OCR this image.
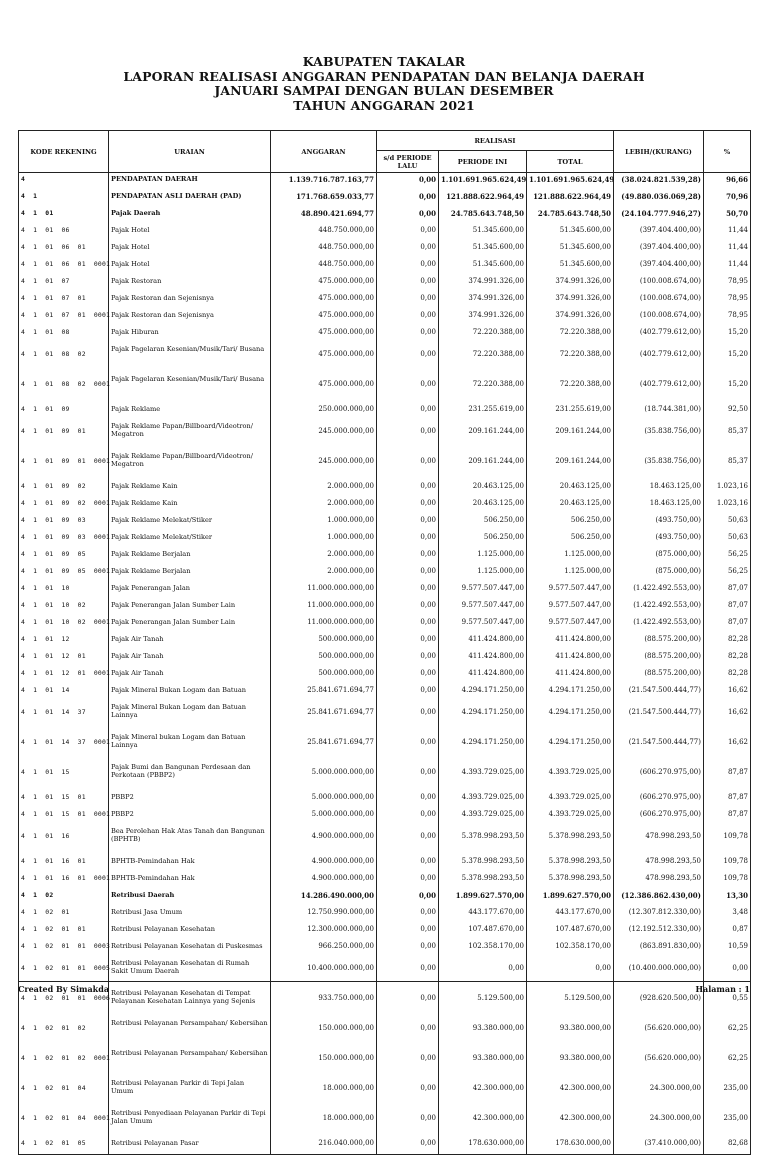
KABUPATEN TAKALAR
LAPORAN REALISASI ANGGARAN PENDAPATAN DAN BELANJA DAERAH
JANUARI SAMPAI DENGAN BULAN DESEMBER
TAHUN ANGGARAN 2021
KODE REKENING	URAIAN	ANGGARAN	REALISASI			LEBIH/(KURANG)	%
			s/d PERIODE LALU	PERIODE INI	TOTAL		
4	PENDAPATAN DAERAH	1.139.716.787.163,77	0,00	1.101.691.965.624,49	1.101.691.965.624,49	(38.024.821.539,28)	96,66
4  1	PENDAPATAN ASLI DAERAH (PAD)	171.768.659.033,77	0,00	121.888.622.964,49	121.888.622.964,49	(49.880.036.069,28)	70,96
4  1  01	Pajak Daerah	48.890.421.694,77	0,00	24.785.643.748,50	24.785.643.748,50	(24.104.777.946,27)	50,70
4  1  01  06	Pajak Hotel	448.750.000,00	0,00	51.345.600,00	51.345.600,00	(397.404.400,00)	11,44
4  1  01  06  01	Pajak Hotel	448.750.000,00	0,00	51.345.600,00	51.345.600,00	(397.404.400,00)	11,44
4  1  01  06  01  0001	Pajak Hotel	448.750.000,00	0,00	51.345.600,00	51.345.600,00	(397.404.400,00)	11,44
4  1  01  07	Pajak Restoran	475.000.000,00	0,00	374.991.326,00	374.991.326,00	(100.008.674,00)	78,95
4  1  01  07  01	Pajak Restoran dan Sejenisnya	475.000.000,00	0,00	374.991.326,00	374.991.326,00	(100.008.674,00)	78,95
4  1  01  07  01  0001	Pajak Restoran dan Sejenisnya	475.000.000,00	0,00	374.991.326,00	374.991.326,00	(100.008.674,00)	78,95
4  1  01  08	Pajak Hiburan	475.000.000,00	0,00	72.220.388,00	72.220.388,00	(402.779.612,00)	15,20
4  1  01  08  02	Pajak Pagelaran Kesenian/Musik/Tari/ Busana	475.000.000,00	0,00	72.220.388,00	72.220.388,00	(402.779.612,00)	15,20
4  1  01  08  02  0001	Pajak Pagelaran Kesenian/Musik/Tari/ Busana	475.000.000,00	0,00	72.220.388,00	72.220.388,00	(402.779.612,00)	15,20
4  1  01  09	Pajak Reklame	250.000.000,00	0,00	231.255.619,00	231.255.619,00	(18.744.381,00)	92,50
4  1  01  09  01	Pajak Reklame Papan/Billboard/Videotron/ Megatron	245.000.000,00	0,00	209.161.244,00	209.161.244,00	(35.838.756,00)	85,37
4  1  01  09  01  0001	Pajak Reklame Papan/Billboard/Videotron/ Megatron	245.000.000,00	0,00	209.161.244,00	209.161.244,00	(35.838.756,00)	85,37
4  1  01  09  02	Pajak Reklame Kain	2.000.000,00	0,00	20.463.125,00	20.463.125,00	18.463.125,00	1.023,16
4  1  01  09  02  0001	Pajak Reklame Kain	2.000.000,00	0,00	20.463.125,00	20.463.125,00	18.463.125,00	1.023,16
4  1  01  09  03	Pajak Reklame Melekat/Stiker	1.000.000,00	0,00	506.250,00	506.250,00	(493.750,00)	50,63
4  1  01  09  03  0001	Pajak Reklame Melekat/Stiker	1.000.000,00	0,00	506.250,00	506.250,00	(493.750,00)	50,63
4  1  01  09  05	Pajak Reklame Berjalan	2.000.000,00	0,00	1.125.000,00	1.125.000,00	(875.000,00)	56,25
4  1  01  09  05  0001	Pajak Reklame Berjalan	2.000.000,00	0,00	1.125.000,00	1.125.000,00	(875.000,00)	56,25
4  1  01  10	Pajak Penerangan Jalan	11.000.000.000,00	0,00	9.577.507.447,00	9.577.507.447,00	(1.422.492.553,00)	87,07
4  1  01  10  02	Pajak Penerangan Jalan Sumber Lain	11.000.000.000,00	0,00	9.577.507.447,00	9.577.507.447,00	(1.422.492.553,00)	87,07
4  1  01  10  02  0001	Pajak Penerangan Jalan Sumber Lain	11.000.000.000,00	0,00	9.577.507.447,00	9.577.507.447,00	(1.422.492.553,00)	87,07
4  1  01  12	Pajak Air Tanah	500.000.000,00	0,00	411.424.800,00	411.424.800,00	(88.575.200,00)	82,28
4  1  01  12  01	Pajak Air Tanah	500.000.000,00	0,00	411.424.800,00	411.424.800,00	(88.575.200,00)	82,28
4  1  01  12  01  0001	Pajak Air Tanah	500.000.000,00	0,00	411.424.800,00	411.424.800,00	(88.575.200,00)	82,28
4  1  01  14	Pajak Mineral Bukan Logam dan Batuan	25.841.671.694,77	0,00	4.294.171.250,00	4.294.171.250,00	(21.547.500.444,77)	16,62
4  1  01  14  37	Pajak Mineral Bukan Logam dan Batuan Lainnya	25.841.671.694,77	0,00	4.294.171.250,00	4.294.171.250,00	(21.547.500.444,77)	16,62
4  1  01  14  37  0001	Pajak Mineral bukan Logam dan Batuan Lainnya	25.841.671.694,77	0,00	4.294.171.250,00	4.294.171.250,00	(21.547.500.444,77)	16,62
4  1  01  15	Pajak Bumi dan Bangunan Perdesaan dan Perkotaan (PBBP2)	5.000.000.000,00	0,00	4.393.729.025,00	4.393.729.025,00	(606.270.975,00)	87,87
4  1  01  15  01	PBBP2	5.000.000.000,00	0,00	4.393.729.025,00	4.393.729.025,00	(606.270.975,00)	87,87
4  1  01  15  01  0001	PBBP2	5.000.000.000,00	0,00	4.393.729.025,00	4.393.729.025,00	(606.270.975,00)	87,87
4  1  01  16	Bea Perolehan Hak Atas Tanah dan Bangunan (BPHTB)	4.900.000.000,00	0,00	5.378.998.293,50	5.378.998.293,50	478.998.293,50	109,78
4  1  01  16  01	BPHTB-Pemindahan Hak	4.900.000.000,00	0,00	5.378.998.293,50	5.378.998.293,50	478.998.293,50	109,78
4  1  01  16  01  0001	BPHTB-Pemindahan Hak	4.900.000.000,00	0,00	5.378.998.293,50	5.378.998.293,50	478.998.293,50	109,78
4  1  02	Retribusi Daerah	14.286.490.000,00	0,00	1.899.627.570,00	1.899.627.570,00	(12.386.862.430,00)	13,30
4  1  02  01	Retribusi Jasa Umum	12.750.990.000,00	0,00	443.177.670,00	443.177.670,00	(12.307.812.330,00)	3,48
4  1  02  01  01	Retribusi Pelayanan Kesehatan	12.300.000.000,00	0,00	107.487.670,00	107.487.670,00	(12.192.512.330,00)	0,87
4  1  02  01  01  0003	Retribusi Pelayanan Kesehatan di Puskesmas	966.250.000,00	0,00	102.358.170,00	102.358.170,00	(863.891.830,00)	10,59
4  1  02  01  01  0005	Retribusi Pelayanan Kesehatan di Rumah Sakit Umum Daerah	10.400.000.000,00	0,00	0,00	0,00	(10.400.000.000,00)	0,00
4  1  02  01  01  0006	Retribusi Pelayanan Kesehatan di Tempat Pelayanan Kesehatan Lainnya yang Sejenis	933.750.000,00	0,00	5.129.500,00	5.129.500,00	(928.620.500,00)	0,55
4  1  02  01  02	Retribusi Pelayanan Persampahan/ Kebersihan	150.000.000,00	0,00	93.380.000,00	93.380.000,00	(56.620.000,00)	62,25
4  1  02  01  02  0001	Retribusi Pelayanan Persampahan/ Kebersihan	150.000.000,00	0,00	93.380.000,00	93.380.000,00	(56.620.000,00)	62,25
4  1  02  01  04	Retribusi Pelayanan Parkir di Tepi Jalan Umum	18.000.000,00	0,00	42.300.000,00	42.300.000,00	24.300.000,00	235,00
4  1  02  01  04  0001	Retribusi Penyediaan Pelayanan Parkir di Tepi Jalan Umum	18.000.000,00	0,00	42.300.000,00	42.300.000,00	24.300.000,00	235,00
4  1  02  01  05	Retribusi Pelayanan Pasar	216.040.000,00	0,00	178.630.000,00	178.630.000,00	(37.410.000,00)	82,68
Created By Simakda	Halaman : 1
